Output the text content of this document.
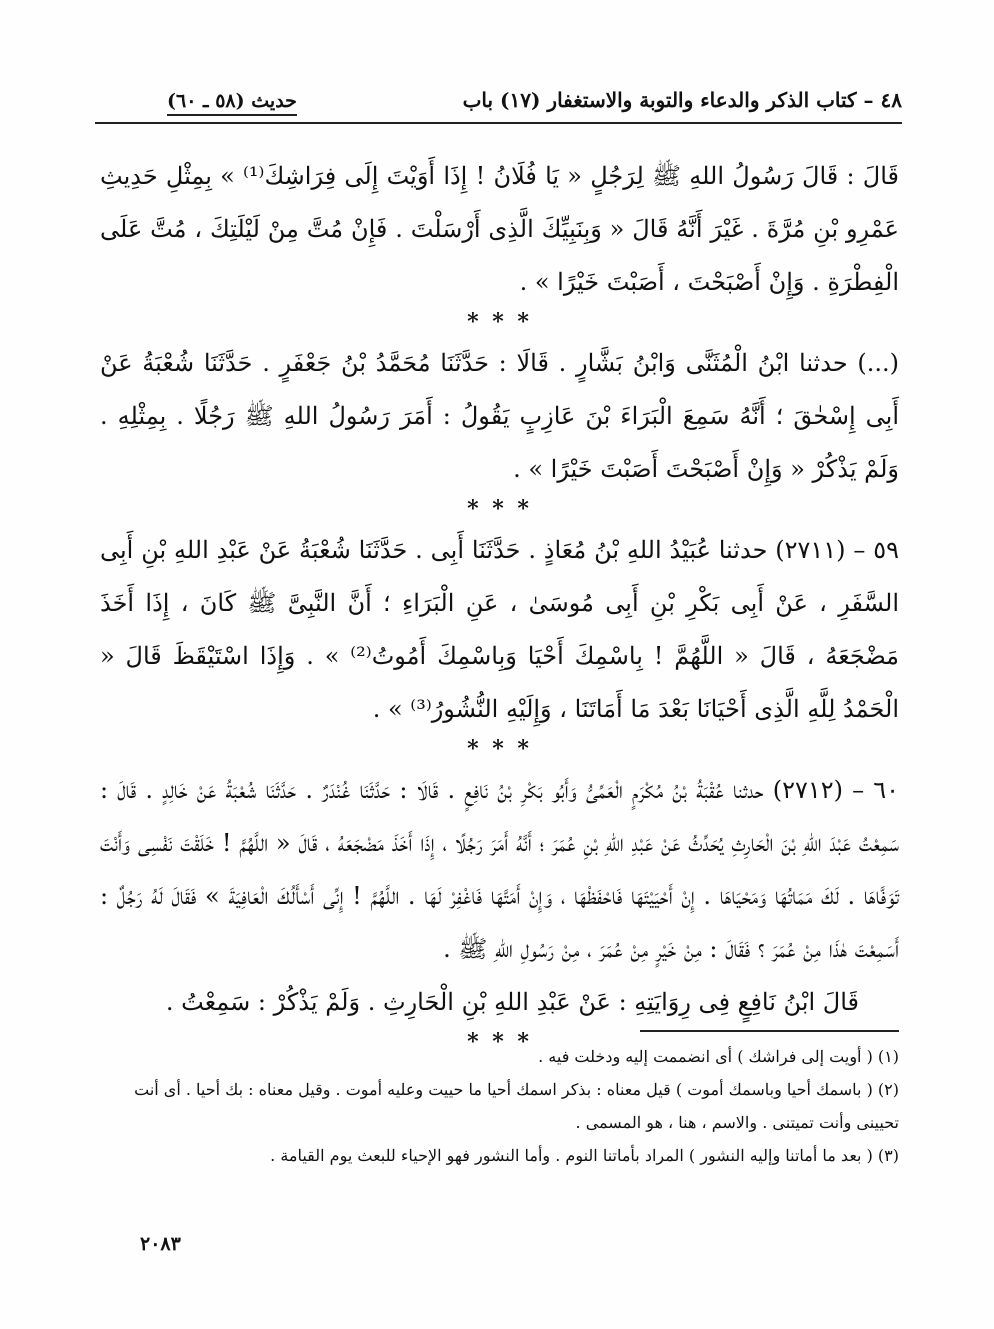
٤٨ – كتاب الذكر والدعاء والتوبة والاستغفار (١٧) باب
(٥٨ ـ ٦٠) حديث

قَالَ : قَالَ رَسُولُ اللهِ ﷺ لِرَجُلٍ « يَا فُلَانُ ! إِذَا أَوَيْتَ إِلَى فِرَاشِكَ⁽¹⁾ » بِمِثْلِ حَدِيثِ عَمْرِو بْنِ مُرَّةَ . غَيْرَ أَنَّهُ قَالَ « وَبِنَبِيِّكَ الَّذِى أَرْسَلْتَ . فَإِنْ مُتَّ مِنْ لَيْلَتِكَ ، مُتَّ عَلَى الْفِطْرَةِ . وَإِنْ أَصْبَحْتَ ، أَصَبْتَ خَيْرًا » .

* * *

(...) حدثنا ابْنُ الْمُثَنَّى وَابْنُ بَشَّارٍ . قَالَا : حَدَّثَنَا مُحَمَّدُ بْنُ جَعْفَرٍ . حَدَّثَنَا شُعْبَةُ عَنْ أَبِى إِسْحٰقَ ؛ أَنَّهُ سَمِعَ الْبَرَاءَ بْنَ عَازِبٍ يَقُولُ : أَمَرَ رَسُولُ اللهِ ﷺ رَجُلًا . بِمِثْلِهِ . وَلَمْ يَذْكُرْ « وَإِنْ أَصْبَحْتَ أَصَبْتَ خَيْرًا » .

* * *

٥٩ – (٢٧١١) حدثنا عُبَيْدُ اللهِ بْنُ مُعَاذٍ . حَدَّثَنَا أَبِى . حَدَّثَنَا شُعْبَةُ عَنْ عَبْدِ اللهِ بْنِ أَبِى السَّفَرِ ، عَنْ أَبِى بَكْرِ بْنِ أَبِى مُوسَىٰ ، عَنِ الْبَرَاءِ ؛ أَنَّ النَّبِىَّ ﷺ كَانَ ، إِذَا أَخَذَ مَضْجَعَهُ ، قَالَ « اللَّهُمَّ ! بِاسْمِكَ أَحْيَا وَبِاسْمِكَ أَمُوتُ⁽²⁾ » . وَإِذَا اسْتَيْقَظَ قَالَ « الْحَمْدُ لِلَّهِ الَّذِى أَحْيَانَا بَعْدَ مَا أَمَاتَنَا ، وَإِلَيْهِ النُّشُورُ⁽³⁾ » .

* * *

٦٠ – (٢٧١٢) حدثنا عُقْبَةُ بْنُ مُكْرَمٍ الْعَمِّىُّ وَأَبُو بَكْرِ بْنُ نَافِعٍ . قَالَا : حَدَّثَنَا غُنْدَرٌ . حَدَّثَنَا شُعْبَةُ عَنْ خَالِدٍ . قَالَ : سَمِعْتُ عَبْدَ اللهِ بْنَ الْحَارِثِ يُحَدِّثُ عَنْ عَبْدِ اللهِ بْنِ عُمَرَ ؛ أَنَّهُ أَمَرَ رَجُلًا ، إِذَا أَخَذَ مَضْجَعَهُ ، قَالَ « اللَّهُمَّ ! خَلَقْتَ نَفْسِى وَأَنْتَ تَوَفَّاهَا . لَكَ مَمَاتُهَا وَمَحْيَاهَا . إِنْ أَحْيَيْتَهَا فَاحْفَظْهَا ، وَإِنْ أَمَتَّهَا فَاغْفِرْ لَهَا . اللَّهُمَّ ! إِنِّى أَسْأَلُكَ الْعَافِيَةَ » فَقَالَ لَهُ رَجُلٌ : أَسَمِعْتَ هٰذَا مِنْ عُمَرَ ؟ فَقَالَ : مِنْ خَيْرٍ مِنْ عُمَرَ ، مِنْ رَسُولِ اللهِ ﷺ .

قَالَ ابْنُ نَافِعٍ فِى رِوَايَتِهِ : عَنْ عَبْدِ اللهِ بْنِ الْحَارِثِ . وَلَمْ يَذْكُرْ : سَمِعْتُ .

* * *

(١) ( أويت إلى فراشك ) أى انضممت إليه ودخلت فيه .

(٢) ( باسمك أحيا وباسمك أموت ) قيل معناه : بذكر اسمك أحيا ما حييت وعليه أموت . وقيل معناه : بك أحيا . أى أنت تحيينى وأنت تميتنى . والاسم ، هنا ، هو المسمى .

(٣) ( بعد ما أماتنا وإليه النشور ) المراد بأماتنا النوم . وأما النشور فهو الإحياء للبعث يوم القيامة .

٢٠٨٣
